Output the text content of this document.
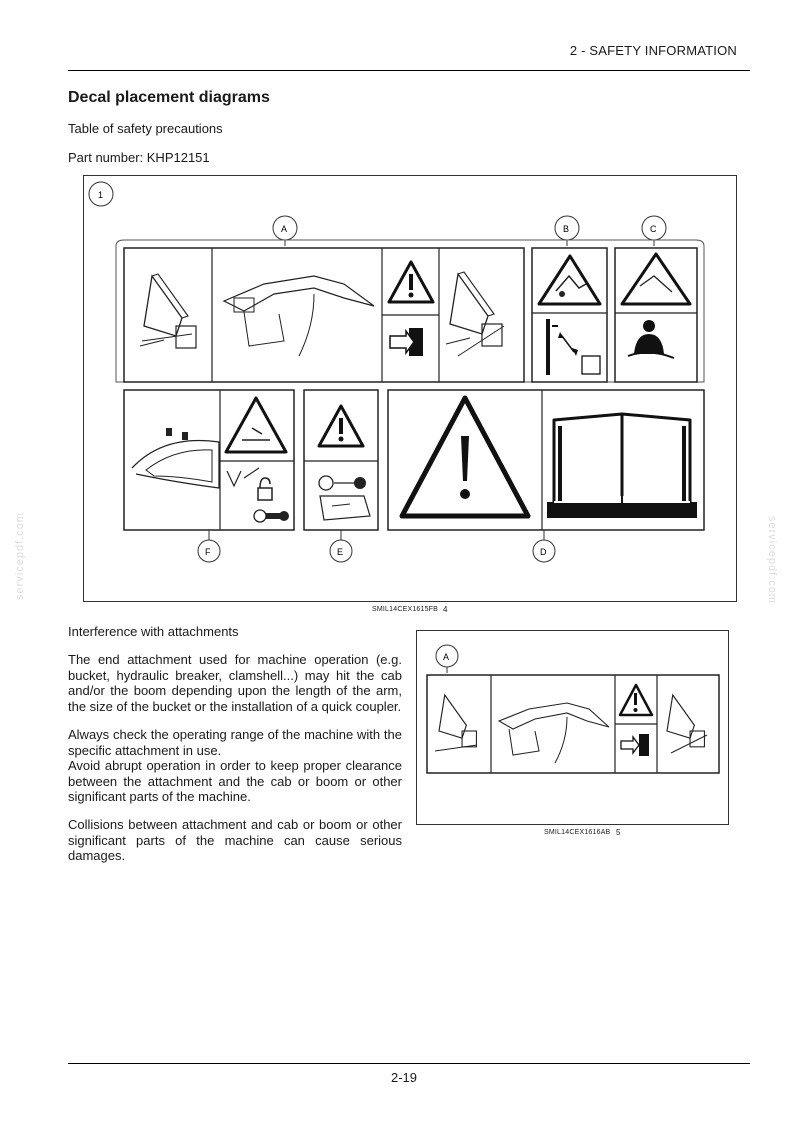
2 - SAFETY INFORMATION
Decal placement diagrams
Table of safety precautions
Part number: KHP12151
servicepdf.com	servicepdf.com
1
A	B	C
F	E	D
SMIL14CEX1615FB 4
Interference with attachments
The end attachment used for machine operation (e.g. bucket, hydraulic breaker, clamshell...) may hit the cab and/or the boom depending upon the length of the arm, the size of the bucket or the installation of a quick coupler.
Always check the operating range of the machine with the specific attachment in use.
Avoid abrupt operation in order to keep proper clearance between the attachment and the cab or boom or other significant parts of the machine.
Collisions between attachment and cab or boom or other significant parts of the machine can cause serious damages.
A
SMIL14CEX1616AB 5
2-19
